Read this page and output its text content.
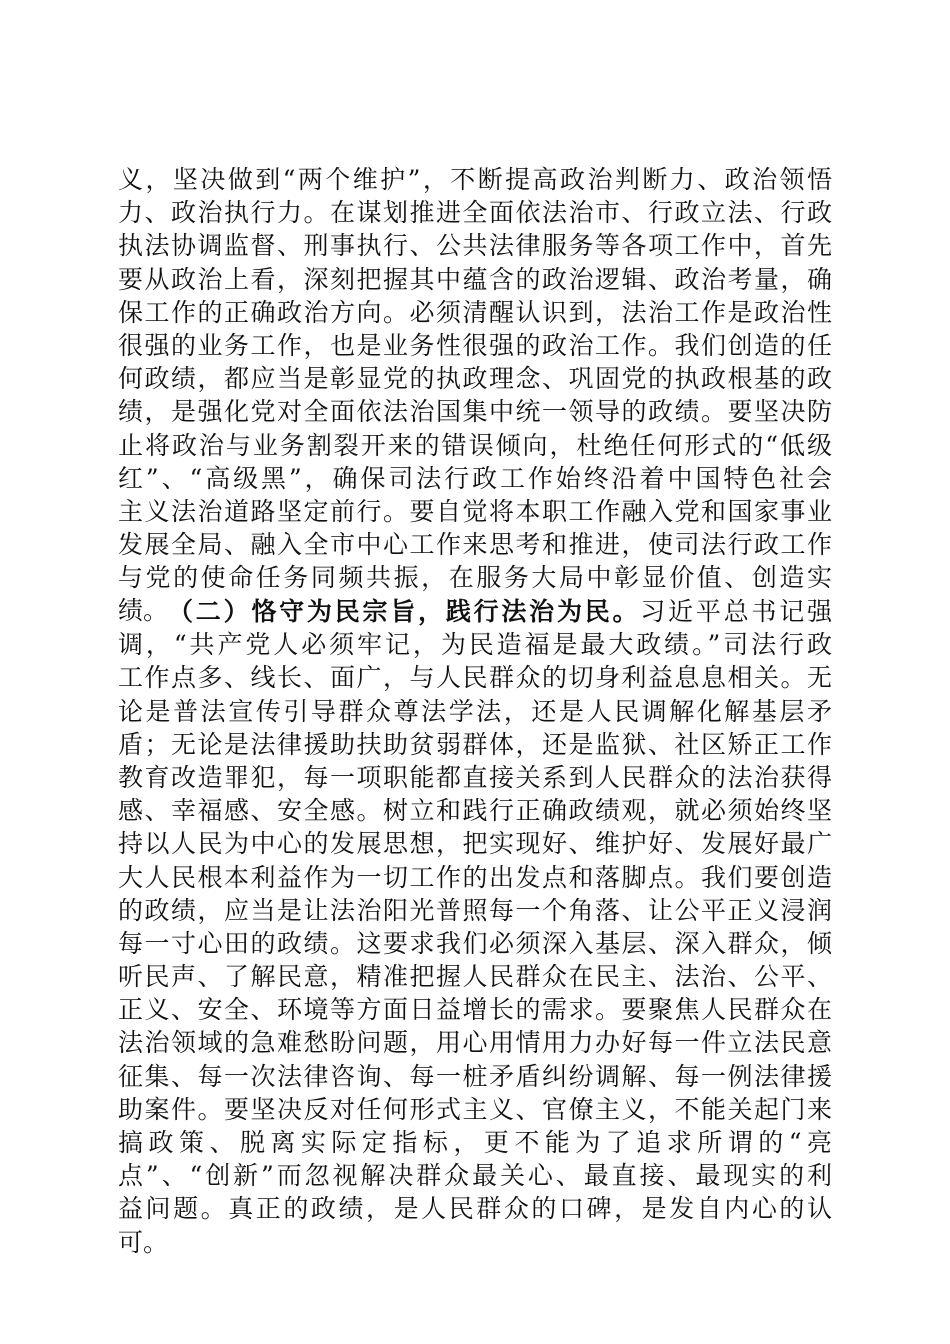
义，坚决做到“两个维护”，不断提高政治判断力、政治领悟
力、政治执行力。在谋划推进全面依法治市、行政立法、行政
执法协调监督、刑事执行、公共法律服务等各项工作中，首先
要从政治上看，深刻把握其中蕴含的政治逻辑、政治考量，确
保工作的正确政治方向。必须清醒认识到，法治工作是政治性
很强的业务工作，也是业务性很强的政治工作。我们创造的任
何政绩，都应当是彰显党的执政理念、巩固党的执政根基的政
绩，是强化党对全面依法治国集中统一领导的政绩。要坚决防
止将政治与业务割裂开来的错误倾向，杜绝任何形式的“低级
红”、“高级黑”，确保司法行政工作始终沿着中国特色社会
主义法治道路坚定前行。要自觉将本职工作融入党和国家事业
发展全局、融入全市中心工作来思考和推进，使司法行政工作
与党的使命任务同频共振，在服务大局中彰显价值、创造实
绩。 （二）恪守为民宗旨，践行法治为民。习近平总书记强
调，“共产党人必须牢记，为民造福是最大政绩。”司法行政
工作点多、线长、面广，与人民群众的切身利益息息相关。无
论是普法宣传引导群众尊法学法，还是人民调解化解基层矛
盾；无论是法律援助扶助贫弱群体，还是监狱、社区矫正工作
教育改造罪犯，每一项职能都直接关系到人民群众的法治获得
感、幸福感、安全感。树立和践行正确政绩观，就必须始终坚
持以人民为中心的发展思想，把实现好、维护好、发展好最广
大人民根本利益作为一切工作的出发点和落脚点。我们要创造
的政绩，应当是让法治阳光普照每一个角落、让公平正义浸润
每一寸心田的政绩。这要求我们必须深入基层、深入群众，倾
听民声、了解民意，精准把握人民群众在民主、法治、公平、
正义、安全、环境等方面日益增长的需求。要聚焦人民群众在
法治领域的急难愁盼问题，用心用情用力办好每一件立法民意
征集、每一次法律咨询、每一桩矛盾纠纷调解、每一例法律援
助案件。要坚决反对任何形式主义、官僚主义，不能关起门来
搞政策、脱离实际定指标，更不能为了追求所谓的“亮
点”、“创新”而忽视解决群众最关心、最直接、最现实的利
益问题。真正的政绩，是人民群众的口碑，是发自内心的认
可。
